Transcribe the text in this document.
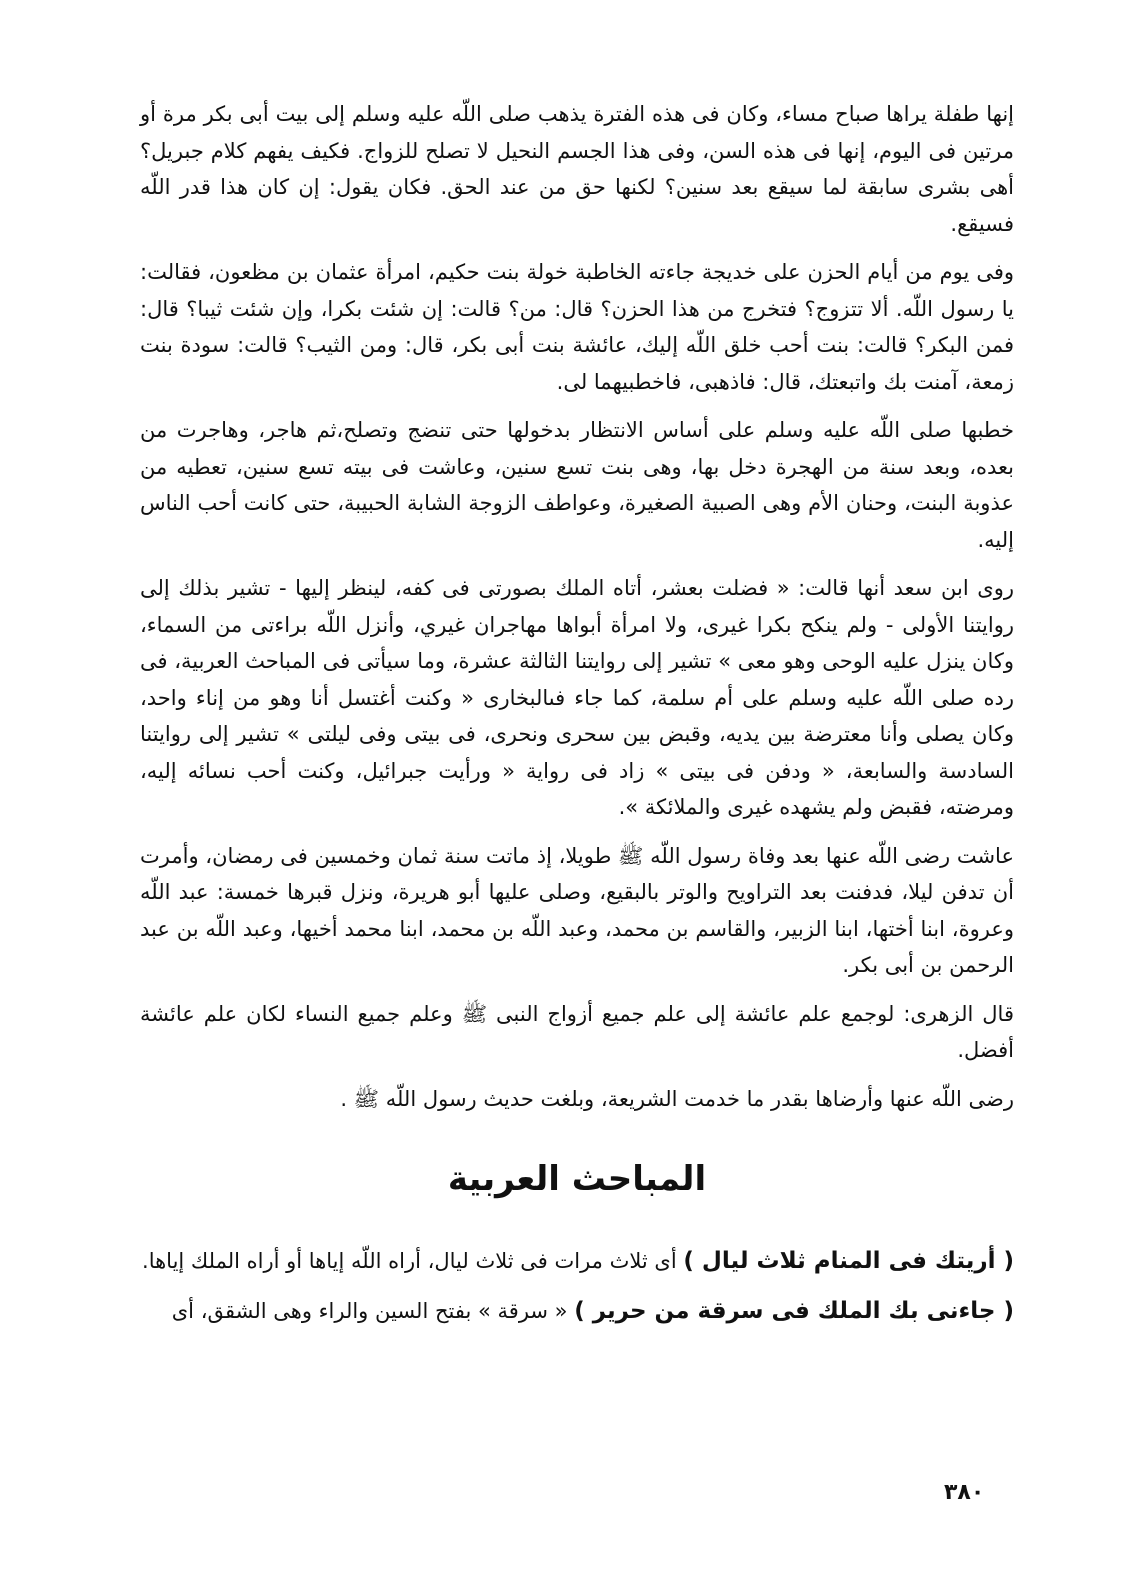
إنها طفلة يراها صباح مساء، وكان فى هذه الفترة يذهب صلى اللّه عليه وسلم إلى بيت أبى بكر مرة أو مرتين فى اليوم، إنها فى هذه السن، وفى هذا الجسم النحيل لا تصلح للزواج. فكيف يفهم كلام جبريل؟ أهى بشرى سابقة لما سيقع بعد سنين؟ لكنها حق من عند الحق. فكان يقول: إن كان هذا قدر اللّه فسيقع.

وفى يوم من أيام الحزن على خديجة جاءته الخاطبة خولة بنت حكيم، امرأة عثمان بن مظعون، فقالت: يا رسول اللّه. ألا تتزوج؟ فتخرج من هذا الحزن؟ قال: من؟ قالت: إن شئت بكرا، وإن شئت ثيبا؟ قال: فمن البكر؟ قالت: بنت أحب خلق اللّه إليك، عائشة بنت أبى بكر، قال: ومن الثيب؟ قالت: سودة بنت زمعة، آمنت بك واتبعتك، قال: فاذهبى، فاخطبيهما لى.

خطبها صلى اللّه عليه وسلم على أساس الانتظار بدخولها حتى تنضج وتصلح،ثم هاجر، وهاجرت من بعده، وبعد سنة من الهجرة دخل بها، وهى بنت تسع سنين، وعاشت فى بيته تسع سنين، تعطيه من عذوبة البنت، وحنان الأم وهى الصبية الصغيرة، وعواطف الزوجة الشابة الحبيبة، حتى كانت أحب الناس إليه.

روى ابن سعد أنها قالت: « فضلت بعشر، أتاه الملك بصورتى فى كفه، لينظر إليها - تشير بذلك إلى روايتنا الأولى - ولم ينكح بكرا غيرى، ولا امرأة أبواها مهاجران غيري، وأنزل اللّه براءتى من السماء، وكان ينزل عليه الوحى وهو معى » تشير إلى روايتنا الثالثة عشرة، وما سيأتى فى المباحث العربية، فى رده صلى اللّه عليه وسلم على أم سلمة، كما جاء فىالبخارى « وكنت أغتسل أنا وهو من إناء واحد، وكان يصلى وأنا معترضة بين يديه، وقبض بين سحرى ونحرى، فى بيتى وفى ليلتى » تشير إلى روايتنا السادسة والسابعة، « ودفن فى بيتى » زاد فى رواية « ورأيت جبرائيل، وكنت أحب نسائه إليه، ومرضته، فقبض ولم يشهده غيرى والملائكة ».

عاشت رضى اللّه عنها بعد وفاة رسول اللّه ﷺ طويلا، إذ ماتت سنة ثمان وخمسين فى رمضان، وأمرت أن تدفن ليلا، فدفنت بعد التراويح والوتر بالبقيع، وصلى عليها أبو هريرة، ونزل قبرها خمسة: عبد اللّه وعروة، ابنا أختها، ابنا الزبير، والقاسم بن محمد، وعبد اللّه بن محمد، ابنا محمد أخيها، وعبد اللّه بن عبد الرحمن بن أبى بكر.

قال الزهرى: لوجمع علم عائشة إلى علم جميع أزواج النبى ﷺ وعلم جميع النساء لكان علم عائشة أفضل.

رضى اللّه عنها وأرضاها بقدر ما خدمت الشريعة، وبلغت حديث رسول اللّه ﷺ .

المباحث العربية

( أريتك فى المنام ثلاث ليال ) أى ثلاث مرات فى ثلاث ليال، أراه اللّه إياها أو أراه الملك إياها.

( جاءنى بك الملك فى سرقة من حرير ) « سرقة » بفتح السين والراء وهى الشقق، أى

٣٨٠
